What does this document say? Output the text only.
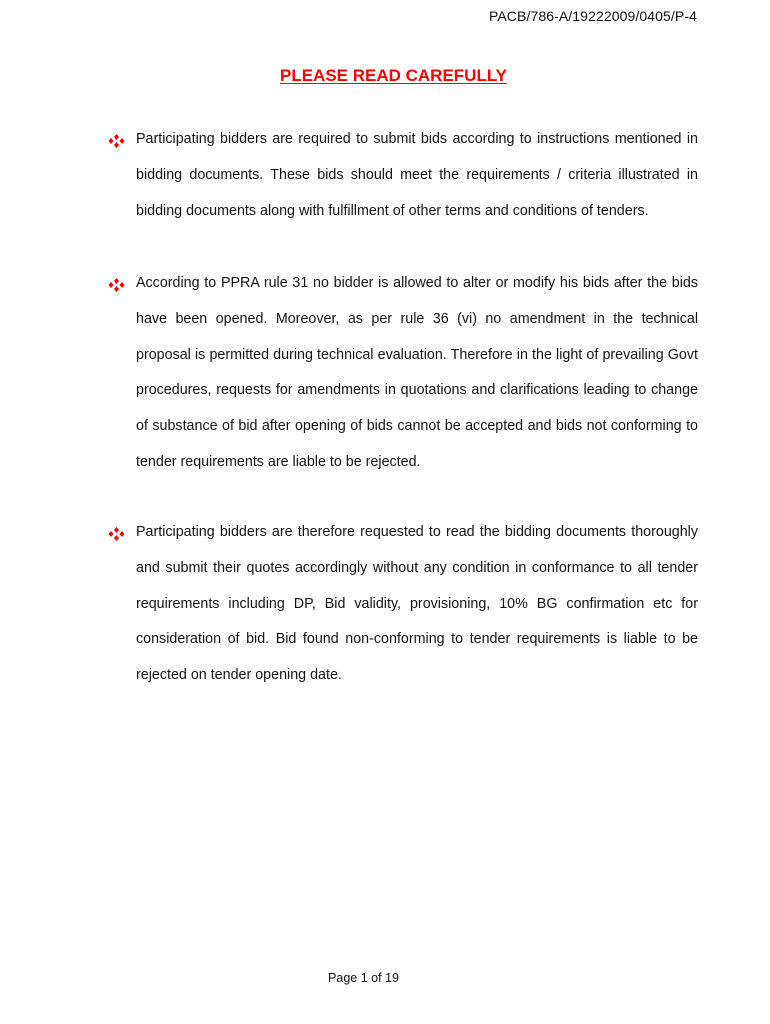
PACB/786-A/19222009/0405/P-4
PLEASE READ CAREFULLY

Participating bidders are required to submit bids according to instructions mentioned in bidding documents. These bids should meet the requirements / criteria illustrated in bidding documents along with fulfillment of other terms and conditions of tenders.

According to PPRA rule 31 no bidder is allowed to alter or modify his bids after the bids have been opened. Moreover, as per rule 36 (vi) no amendment in the technical proposal is permitted during technical evaluation. Therefore in the light of prevailing Govt procedures, requests for amendments in quotations and clarifications leading to change of substance of bid after opening of bids cannot be accepted and bids not conforming to tender requirements are liable to be rejected.

Participating bidders are therefore requested to read the bidding documents thoroughly and submit their quotes accordingly without any condition in conformance to all tender requirements including DP, Bid validity, provisioning, 10% BG confirmation etc for consideration of bid. Bid found non-conforming to tender requirements is liable to be rejected on tender opening date.

Page 1 of 19
